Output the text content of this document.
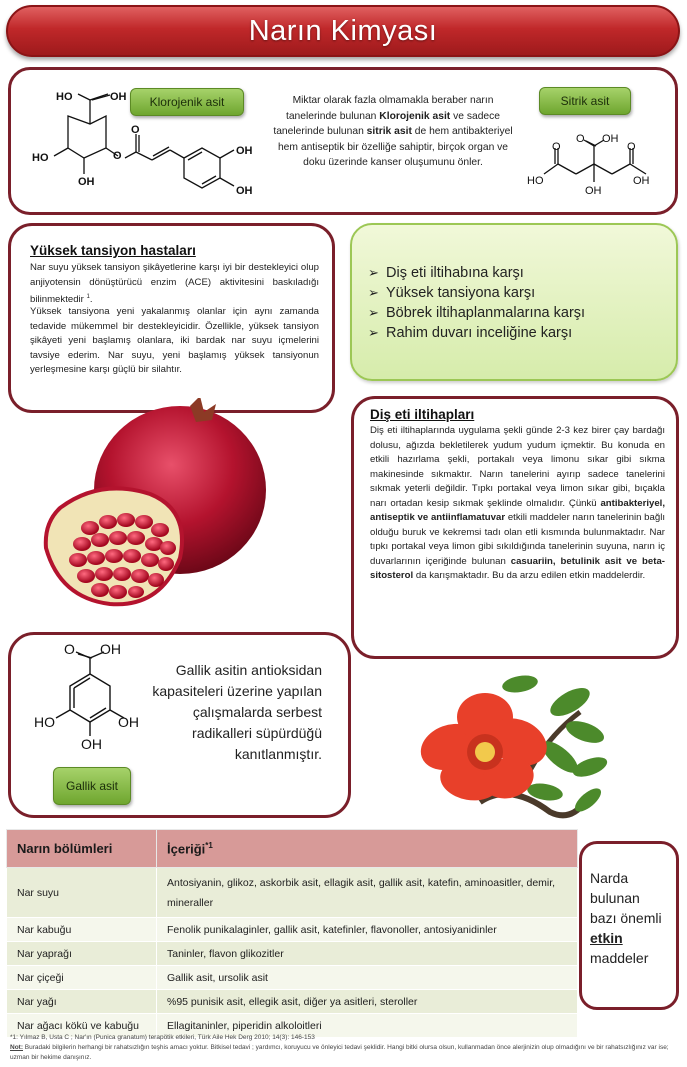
Narın Kimyası
HO	OH
HO
OH
O
O
OH
OH
Klorojenik asit	Miktar olarak fazla olmamakla beraber narın tanelerinde bulunan Klorojenik asit ve sadece tanelerinde bulunan sitrik asit de hem antibakteriyel hem antiseptik bir özelliğe sahiptir, birçok organ ve doku üzerinde kanser oluşumunu önler.
Sitrik asit
O OH
O	O
HO	OH
OH
Yüksek tansiyon hastaları
Nar suyu yüksek tansiyon şikâyetlerine karşı iyi bir destekleyici olup anjiyotensin dönüştürücü enzim (ACE) aktivitesini baskıladığı bilinmektedir $^1$.
Yüksek tansiyona yeni yakalanmış olanlar için aynı zamanda tedavide mükemmel bir destekleyicidir. Özellikle, yüksek tansiyon şikâyeti yeni başlamış olanlara, iki bardak nar suyu içmelerini tavsiye ederim. Nar suyu, yeni başlamış yüksek tansiyonun yerleşmesine karşı güçlü bir silahtır.
➢ Diş eti iltihabına karşı
➢ Yüksek tansiyona karşı
➢ Böbrek iltihaplanmalarına karşı
➢ Rahim duvarı inceliğine karşı
Diş eti iltihapları
Diş eti iltihaplarında uygulama şekli günde 2-3 kez birer çay bardağı dolusu, ağızda bekletilerek yudum yudum içmektir. Bu konuda en etkili hazırlama şekli, portakalı veya limonu sıkar gibi sıkma makinesinde sıkmaktır. Narın tanelerini ayırıp sadece tanelerini sıkmak yeterli değildir. Tıpkı portakal veya limon sıkar gibi, bıçakla narı ortadan kesip sıkmak şeklinde olmalıdır. Çünkü antibakteriyel, antiseptik ve antiinflamatuvar etkili maddeler narın tanelerinin bağlı olduğu buruk ve kekremsi tadı olan etli kısmında bulunmaktadır. Nar tıpkı portakal veya limon gibi sıkıldığında tanelerinin suyuna, narın iç duvarlarının içeriğinde bulunan casuariin, betulinik asit ve beta-sitosterol da karışmaktadır. Bu da arzu edilen etkin maddelerdir.
O OH
HO	OH
OH
Gallik asit
Gallik asitin antioksidan kapasiteleri üzerine yapılan çalışmalarda serbest radikalleri süpürdüğü kanıtlanmıştır.
Narın bölümleri	İçeriği$^{*1}$
Nar suyu	Antosiyanin, glikoz, askorbik asit, ellagik asit, gallik asit, katefin, aminoasitler, demir, mineraller
Nar kabuğu	Fenolik punikalaginler, gallik asit, katefinler, flavonoller, antosiyanidinler
Nar yaprağı	Taninler, flavon glikozitler
Nar çiçeği	Gallik asit, ursolik asit
Nar yağı	%95 punisik asit, ellegik asit, diğer ya asitleri, steroller
Nar ağacı kökü ve kabuğu	Ellagitaninler, piperidin alkoloitleri
Narda bulunan bazı önemli etkin maddeler
*1: Yılmaz B, Usta C ; Nar'ın (Punica granatum) terapötik etkileri, Türk Aile Hek Derg 2010; 14(3): 146-153
Not: Buradaki bilgilerin herhangi bir rahatsızlığın teşhis amacı yoktur. Bitkisel tedavi ; yardımcı, koruyucu ve önleyici tedavi şeklidir. Hangi bitki olursa olsun, kullanmadan önce alerjinizin olup olmadığını ve bir rahatsızlığınız var ise; uzman bir hekime danışınız.
